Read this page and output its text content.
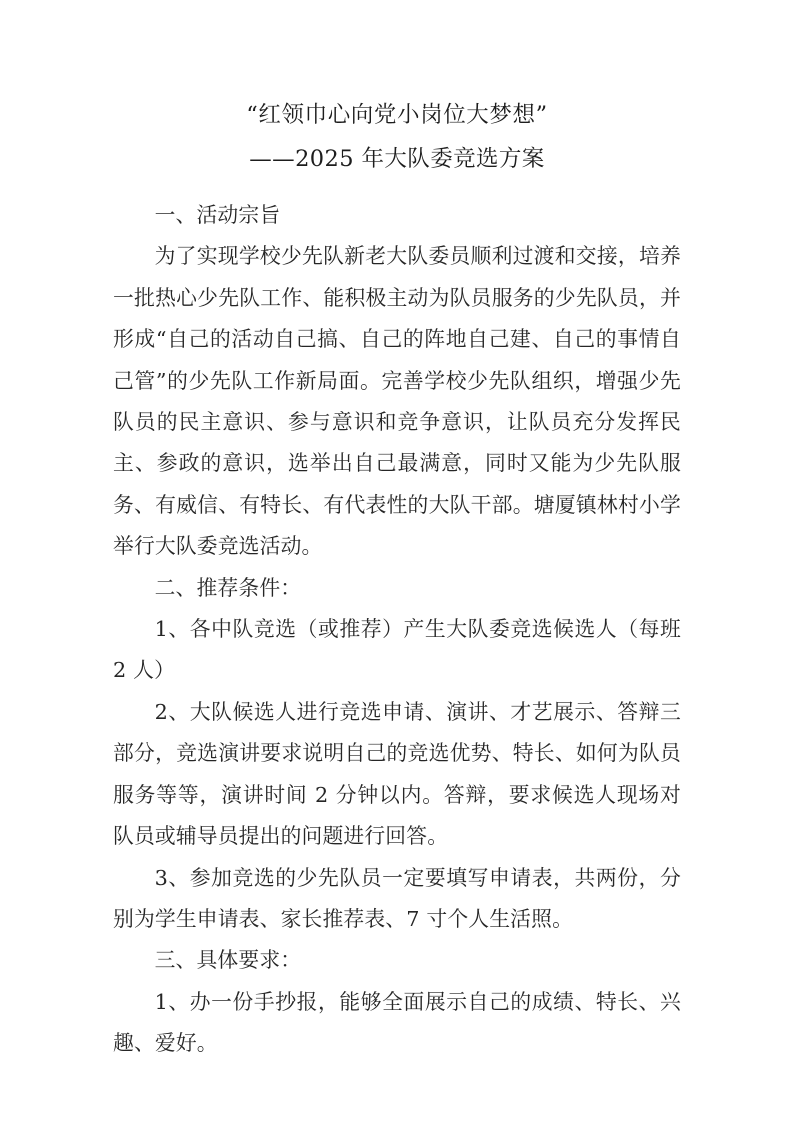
“红领巾心向党小岗位大梦想”
——2025 年大队委竞选方案

一、活动宗旨

为了实现学校少先队新老大队委员顺利过渡和交接，培养一批热心少先队工作、能积极主动为队员服务的少先队员，并形成“自己的活动自己搞、自己的阵地自己建、自己的事情自己管”的少先队工作新局面。完善学校少先队组织，增强少先队员的民主意识、参与意识和竞争意识，让队员充分发挥民主、参政的意识，选举出自己最满意，同时又能为少先队服务、有威信、有特长、有代表性的大队干部。塘厦镇林村小学举行大队委竞选活动。

二、推荐条件：

1、各中队竞选（或推荐）产生大队委竞选候选人（每班 2 人）

2、大队候选人进行竞选申请、演讲、才艺展示、答辩三部分，竞选演讲要求说明自己的竞选优势、特长、如何为队员服务等等，演讲时间 2 分钟以内。答辩，要求候选人现场对队员或辅导员提出的问题进行回答。

3、参加竞选的少先队员一定要填写申请表，共两份，分别为学生申请表、家长推荐表、7 寸个人生活照。

三、具体要求：

1、办一份手抄报，能够全面展示自己的成绩、特长、兴趣、爱好。
